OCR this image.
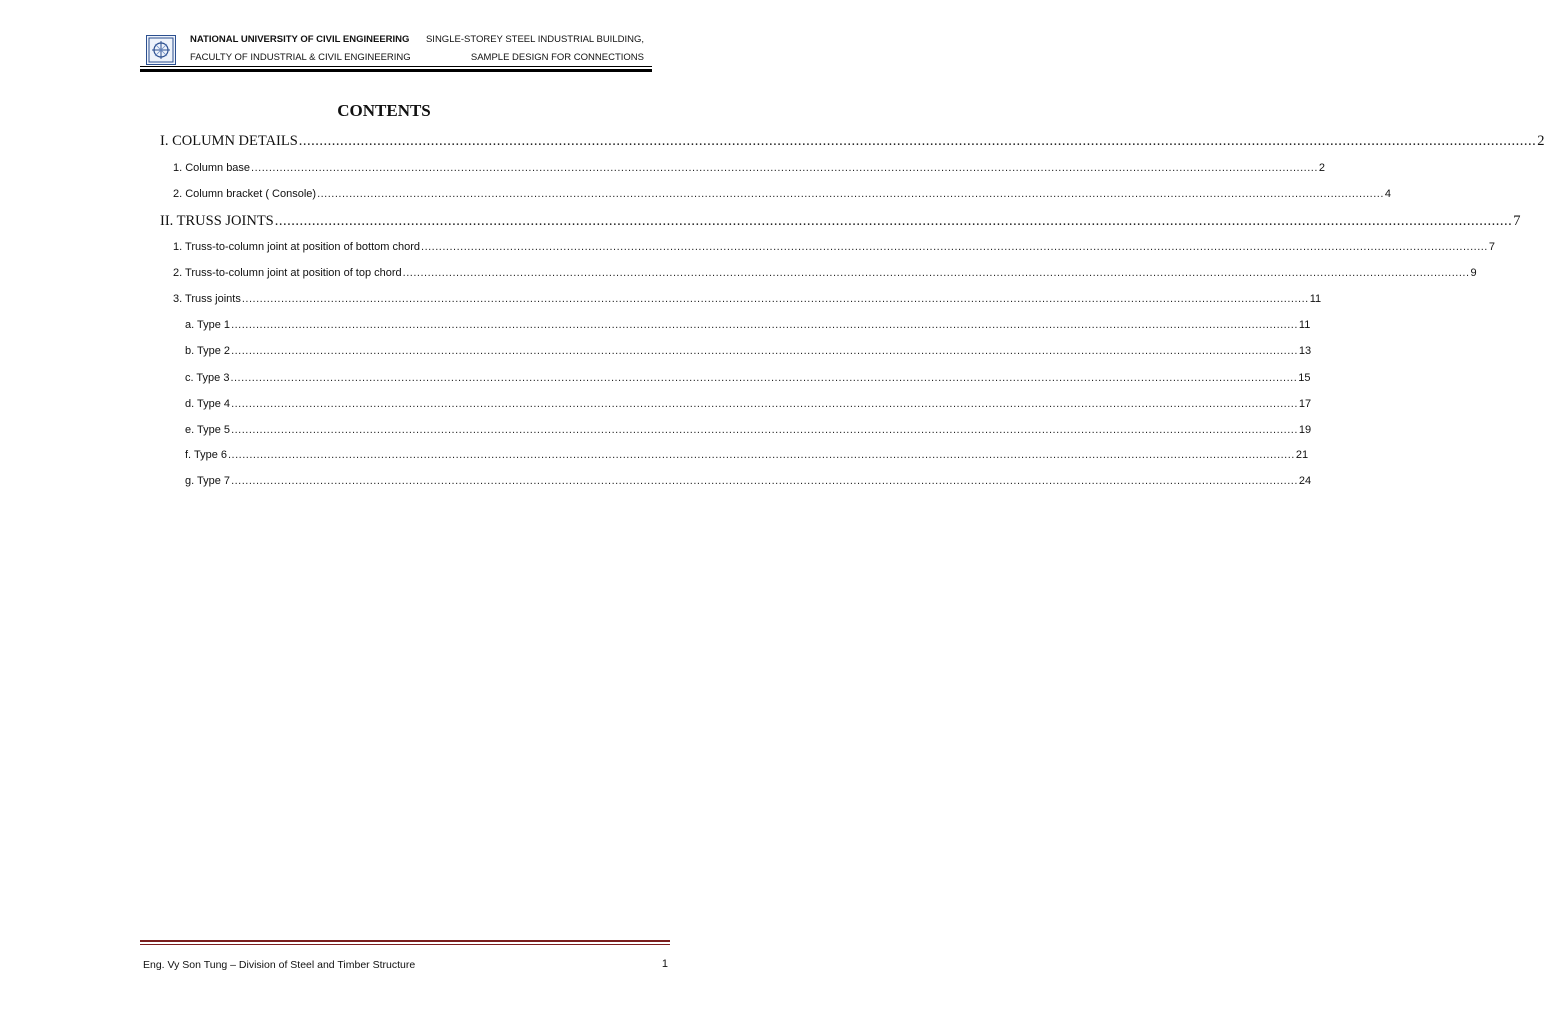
NATIONAL UNIVERSITY OF CIVIL ENGINEERING
FACULTY OF INDUSTRIAL & CIVIL ENGINEERING
SINGLE-STOREY STEEL INDUSTRIAL BUILDING,
SAMPLE DESIGN FOR CONNECTIONS
CONTENTS
I. COLUMN DETAILS ............................................................................................................................................................................................................................................................................................................ 2
1. Column base ............................................................................................................................................................................................................................................................................................................ 2
2. Column bracket ( Console) ............................................................................................................................................................................................................................................................................................................ 4
II. TRUSS JOINTS ............................................................................................................................................................................................................................................................................................................ 7
1. Truss-to-column joint at position of bottom chord ............................................................................................................................................................................................................................................................................................................ 7
2. Truss-to-column joint at position of top chord ............................................................................................................................................................................................................................................................................................................ 9
3. Truss joints ............................................................................................................................................................................................................................................................................................................ 11
a. Type 1 ............................................................................................................................................................................................................................................................................................................ 11
b. Type 2 ............................................................................................................................................................................................................................................................................................................ 13
c. Type 3 ............................................................................................................................................................................................................................................................................................................ 15
d. Type 4 ............................................................................................................................................................................................................................................................................................................ 17
e. Type 5 ............................................................................................................................................................................................................................................................................................................ 19
f. Type 6 ............................................................................................................................................................................................................................................................................................................ 21
g. Type 7 ............................................................................................................................................................................................................................................................................................................ 24
Eng. Vy Son Tung – Division of Steel and Timber Structure	1
